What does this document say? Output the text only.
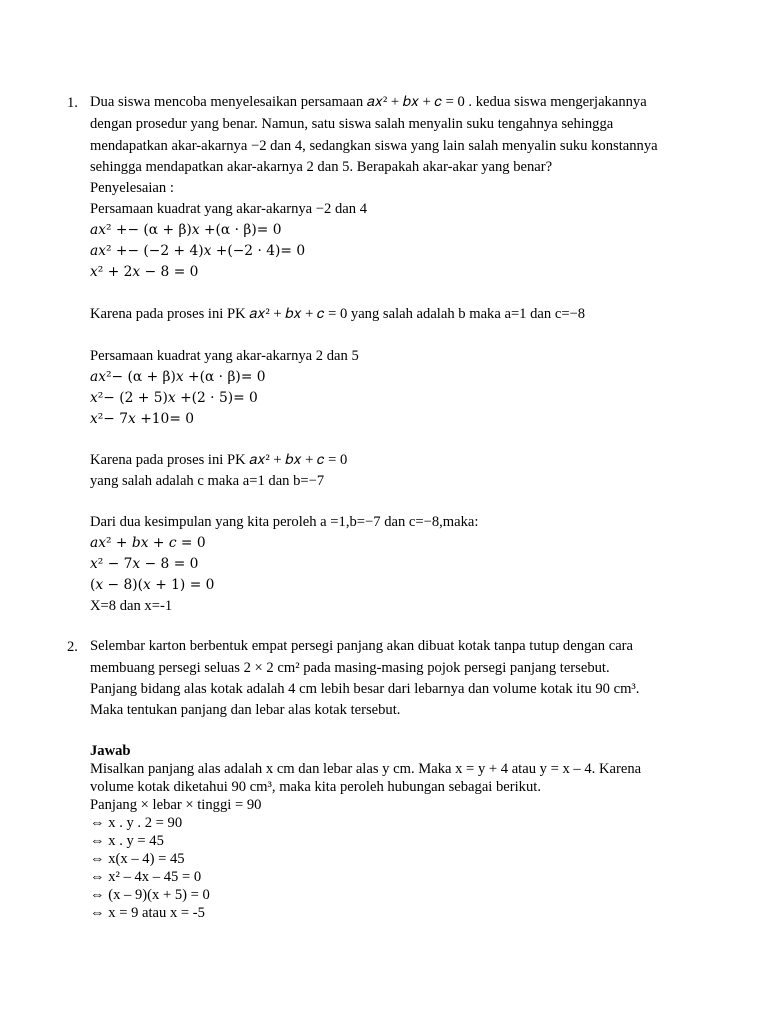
1. Dua siswa mencoba menyelesaikan persamaan 𝑎𝑥² + 𝑏𝑥 + 𝑐 = 0 . kedua siswa mengerjakannya
dengan prosedur yang benar. Namun, satu siswa salah menyalin suku tengahnya sehingga
mendapatkan akar-akarnya −2 dan 4, sedangkan siswa yang lain salah menyalin suku konstannya
sehingga mendapatkan akar-akarnya 2 dan 5. Berapakah akar-akar yang benar?
Penyelesaian :
Persamaan kuadrat yang akar-akarnya −2 dan 4
𝑎𝑥² +− (α + β)𝑥 +(α · β)= 0
𝑎𝑥² +− (−2 + 4)𝑥 +(−2 · 4)= 0
𝑥² + 2𝑥 − 8 = 0
Karena pada proses ini PK 𝑎𝑥² + 𝑏𝑥 + 𝑐 = 0 yang salah adalah b maka a=1 dan c=−8
Persamaan kuadrat yang akar-akarnya 2 dan 5
𝑎𝑥²− (α + β)𝑥 +(α · β)= 0
𝑥²− (2 + 5)𝑥 +(2 · 5)= 0
𝑥²− 7𝑥 +10= 0
Karena pada proses ini PK 𝑎𝑥² + 𝑏𝑥 + 𝑐 = 0
yang salah adalah c maka a=1 dan b=−7
Dari dua kesimpulan yang kita peroleh a =1,b=−7 dan c=−8,maka:
𝑎𝑥² + 𝑏𝑥 + 𝑐 = 0
𝑥² − 7𝑥 − 8 = 0
(𝑥 − 8)(𝑥 + 1) = 0
X=8 dan x=-1
2. Selembar karton berbentuk empat persegi panjang akan dibuat kotak tanpa tutup dengan cara
membuang persegi seluas 2 × 2 cm² pada masing-masing pojok persegi panjang tersebut.
Panjang bidang alas kotak adalah 4 cm lebih besar dari lebarnya dan volume kotak itu 90 cm³.
Maka tentukan panjang dan lebar alas kotak tersebut.
Jawab
Misalkan panjang alas adalah x cm dan lebar alas y cm. Maka x = y + 4 atau y = x – 4. Karena
volume kotak diketahui 90 cm³, maka kita peroleh hubungan sebagai berikut.
Panjang × lebar × tinggi = 90
⇔ x . y . 2 = 90
⇔ x . y = 45
⇔ x(x – 4) = 45
⇔ x² – 4x – 45 = 0
⇔ (x – 9)(x + 5) = 0
⇔ x = 9 atau x = -5
